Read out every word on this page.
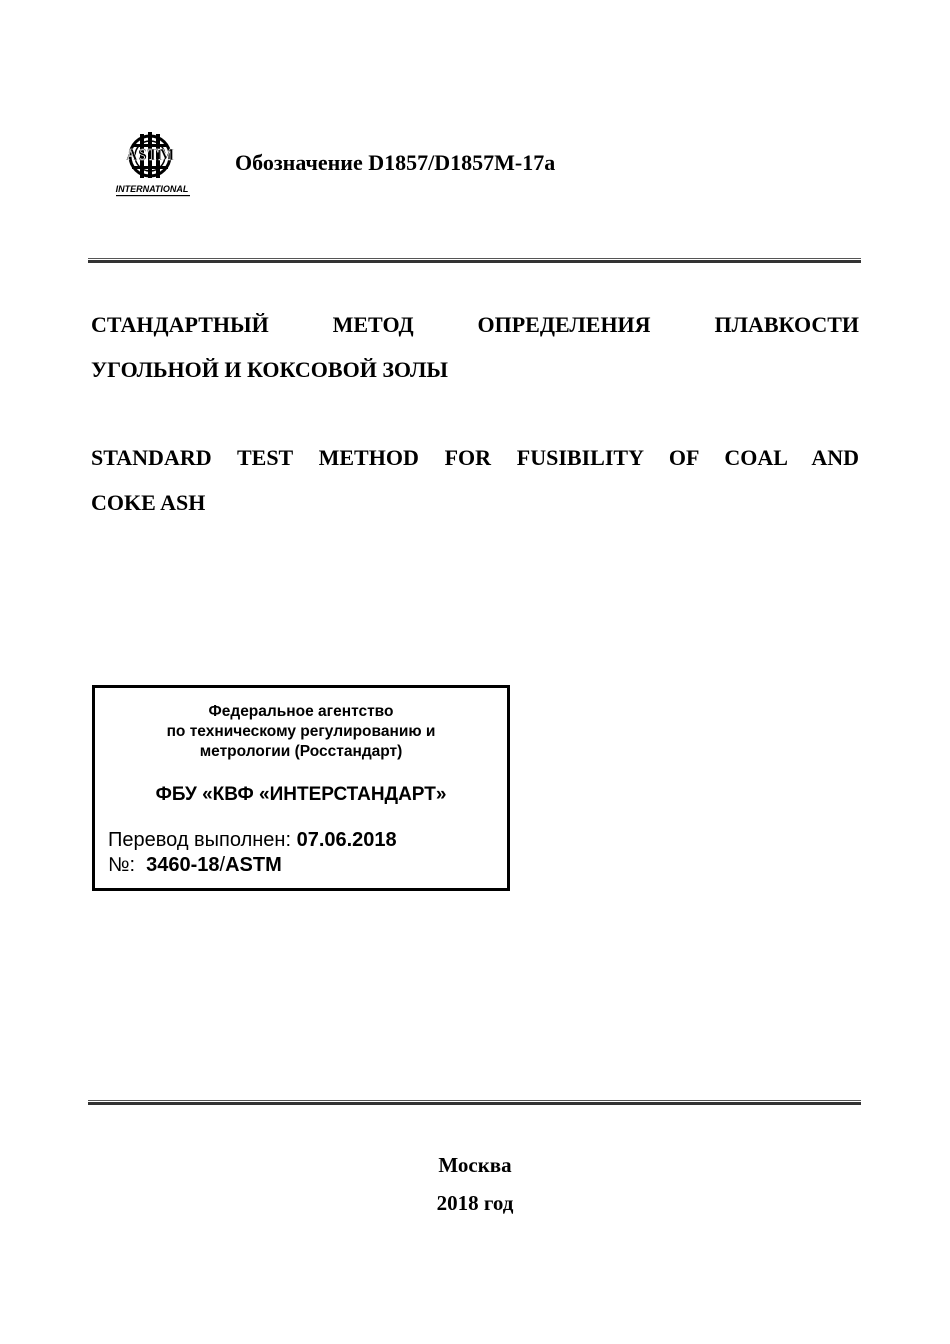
ASTM
INTERNATIONAL
Обозначение D1857/D1857M-17a
СТАНДАРТНЫЙ МЕТОД ОПРЕДЕЛЕНИЯ ПЛАВКОСТИ
УГОЛЬНОЙ И КОКСОВОЙ ЗОЛЫ
STANDARD TEST METHOD FOR FUSIBILITY OF COAL AND
COKE ASH
Федеральное агентство
по техническому регулированию и
метрологии (Росстандарт)
ФБУ «КВФ «ИНТЕРСТАНДАРТ»
Перевод выполнен: 07.06.2018
№:  3460-18/ASTM
Москва
2018 год
